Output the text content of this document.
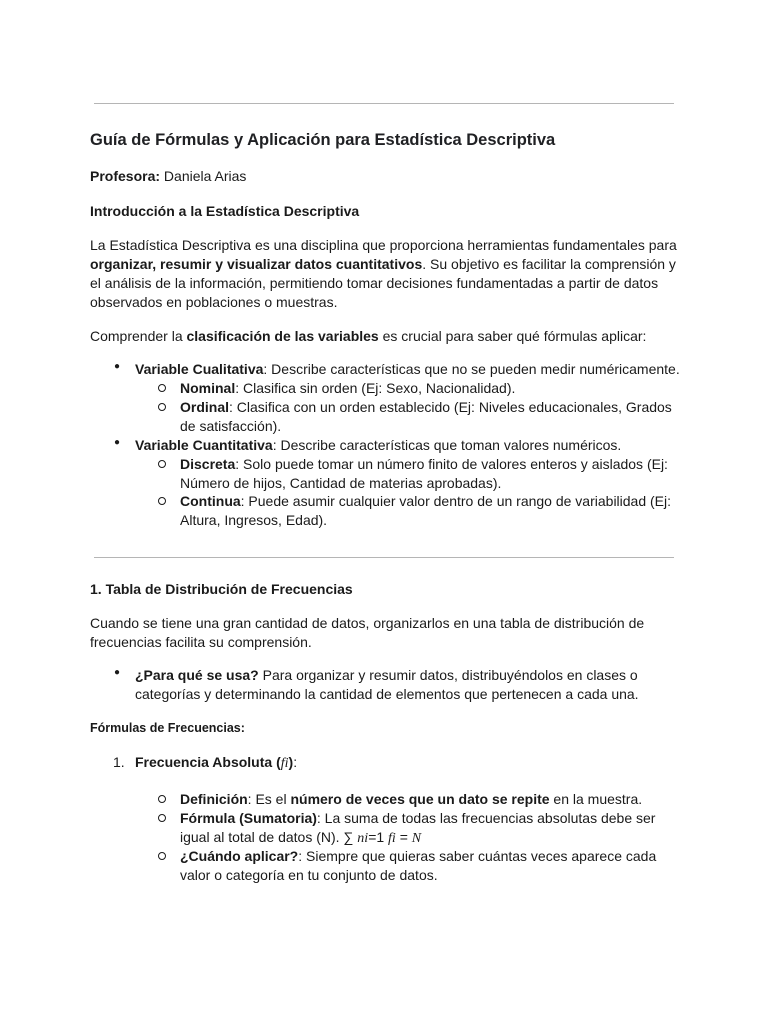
Guía de Fórmulas y Aplicación para Estadística Descriptiva

Profesora: Daniela Arias

Introducción a la Estadística Descriptiva

La Estadística Descriptiva es una disciplina que proporciona herramientas fundamentales para organizar, resumir y visualizar datos cuantitativos. Su objetivo es facilitar la comprensión y el análisis de la información, permitiendo tomar decisiones fundamentadas a partir de datos observados en poblaciones o muestras.

Comprender la clasificación de las variables es crucial para saber qué fórmulas aplicar:

● Variable Cualitativa: Describe características que no se pueden medir numéricamente.
Nominal: Clasifica sin orden (Ej: Sexo, Nacionalidad).
Ordinal: Clasifica con un orden establecido (Ej: Niveles educacionales, Grados de satisfacción).
● Variable Cuantitativa: Describe características que toman valores numéricos.
Discreta: Solo puede tomar un número finito de valores enteros y aislados (Ej: Número de hijos, Cantidad de materias aprobadas).
Continua: Puede asumir cualquier valor dentro de un rango de variabilidad (Ej: Altura, Ingresos, Edad).

1. Tabla de Distribución de Frecuencias

Cuando se tiene una gran cantidad de datos, organizarlos en una tabla de distribución de frecuencias facilita su comprensión.

● ¿Para qué se usa? Para organizar y resumir datos, distribuyéndolos en clases o categorías y determinando la cantidad de elementos que pertenecen a cada una.

Fórmulas de Frecuencias:

1. Frecuencia Absoluta (fi):
Definición: Es el número de veces que un dato se repite en la muestra.
Fórmula (Sumatoria): La suma de todas las frecuencias absolutas debe ser igual al total de datos (N). ∑ ni=1 fi = N
¿Cuándo aplicar?: Siempre que quieras saber cuántas veces aparece cada valor o categoría en tu conjunto de datos.
